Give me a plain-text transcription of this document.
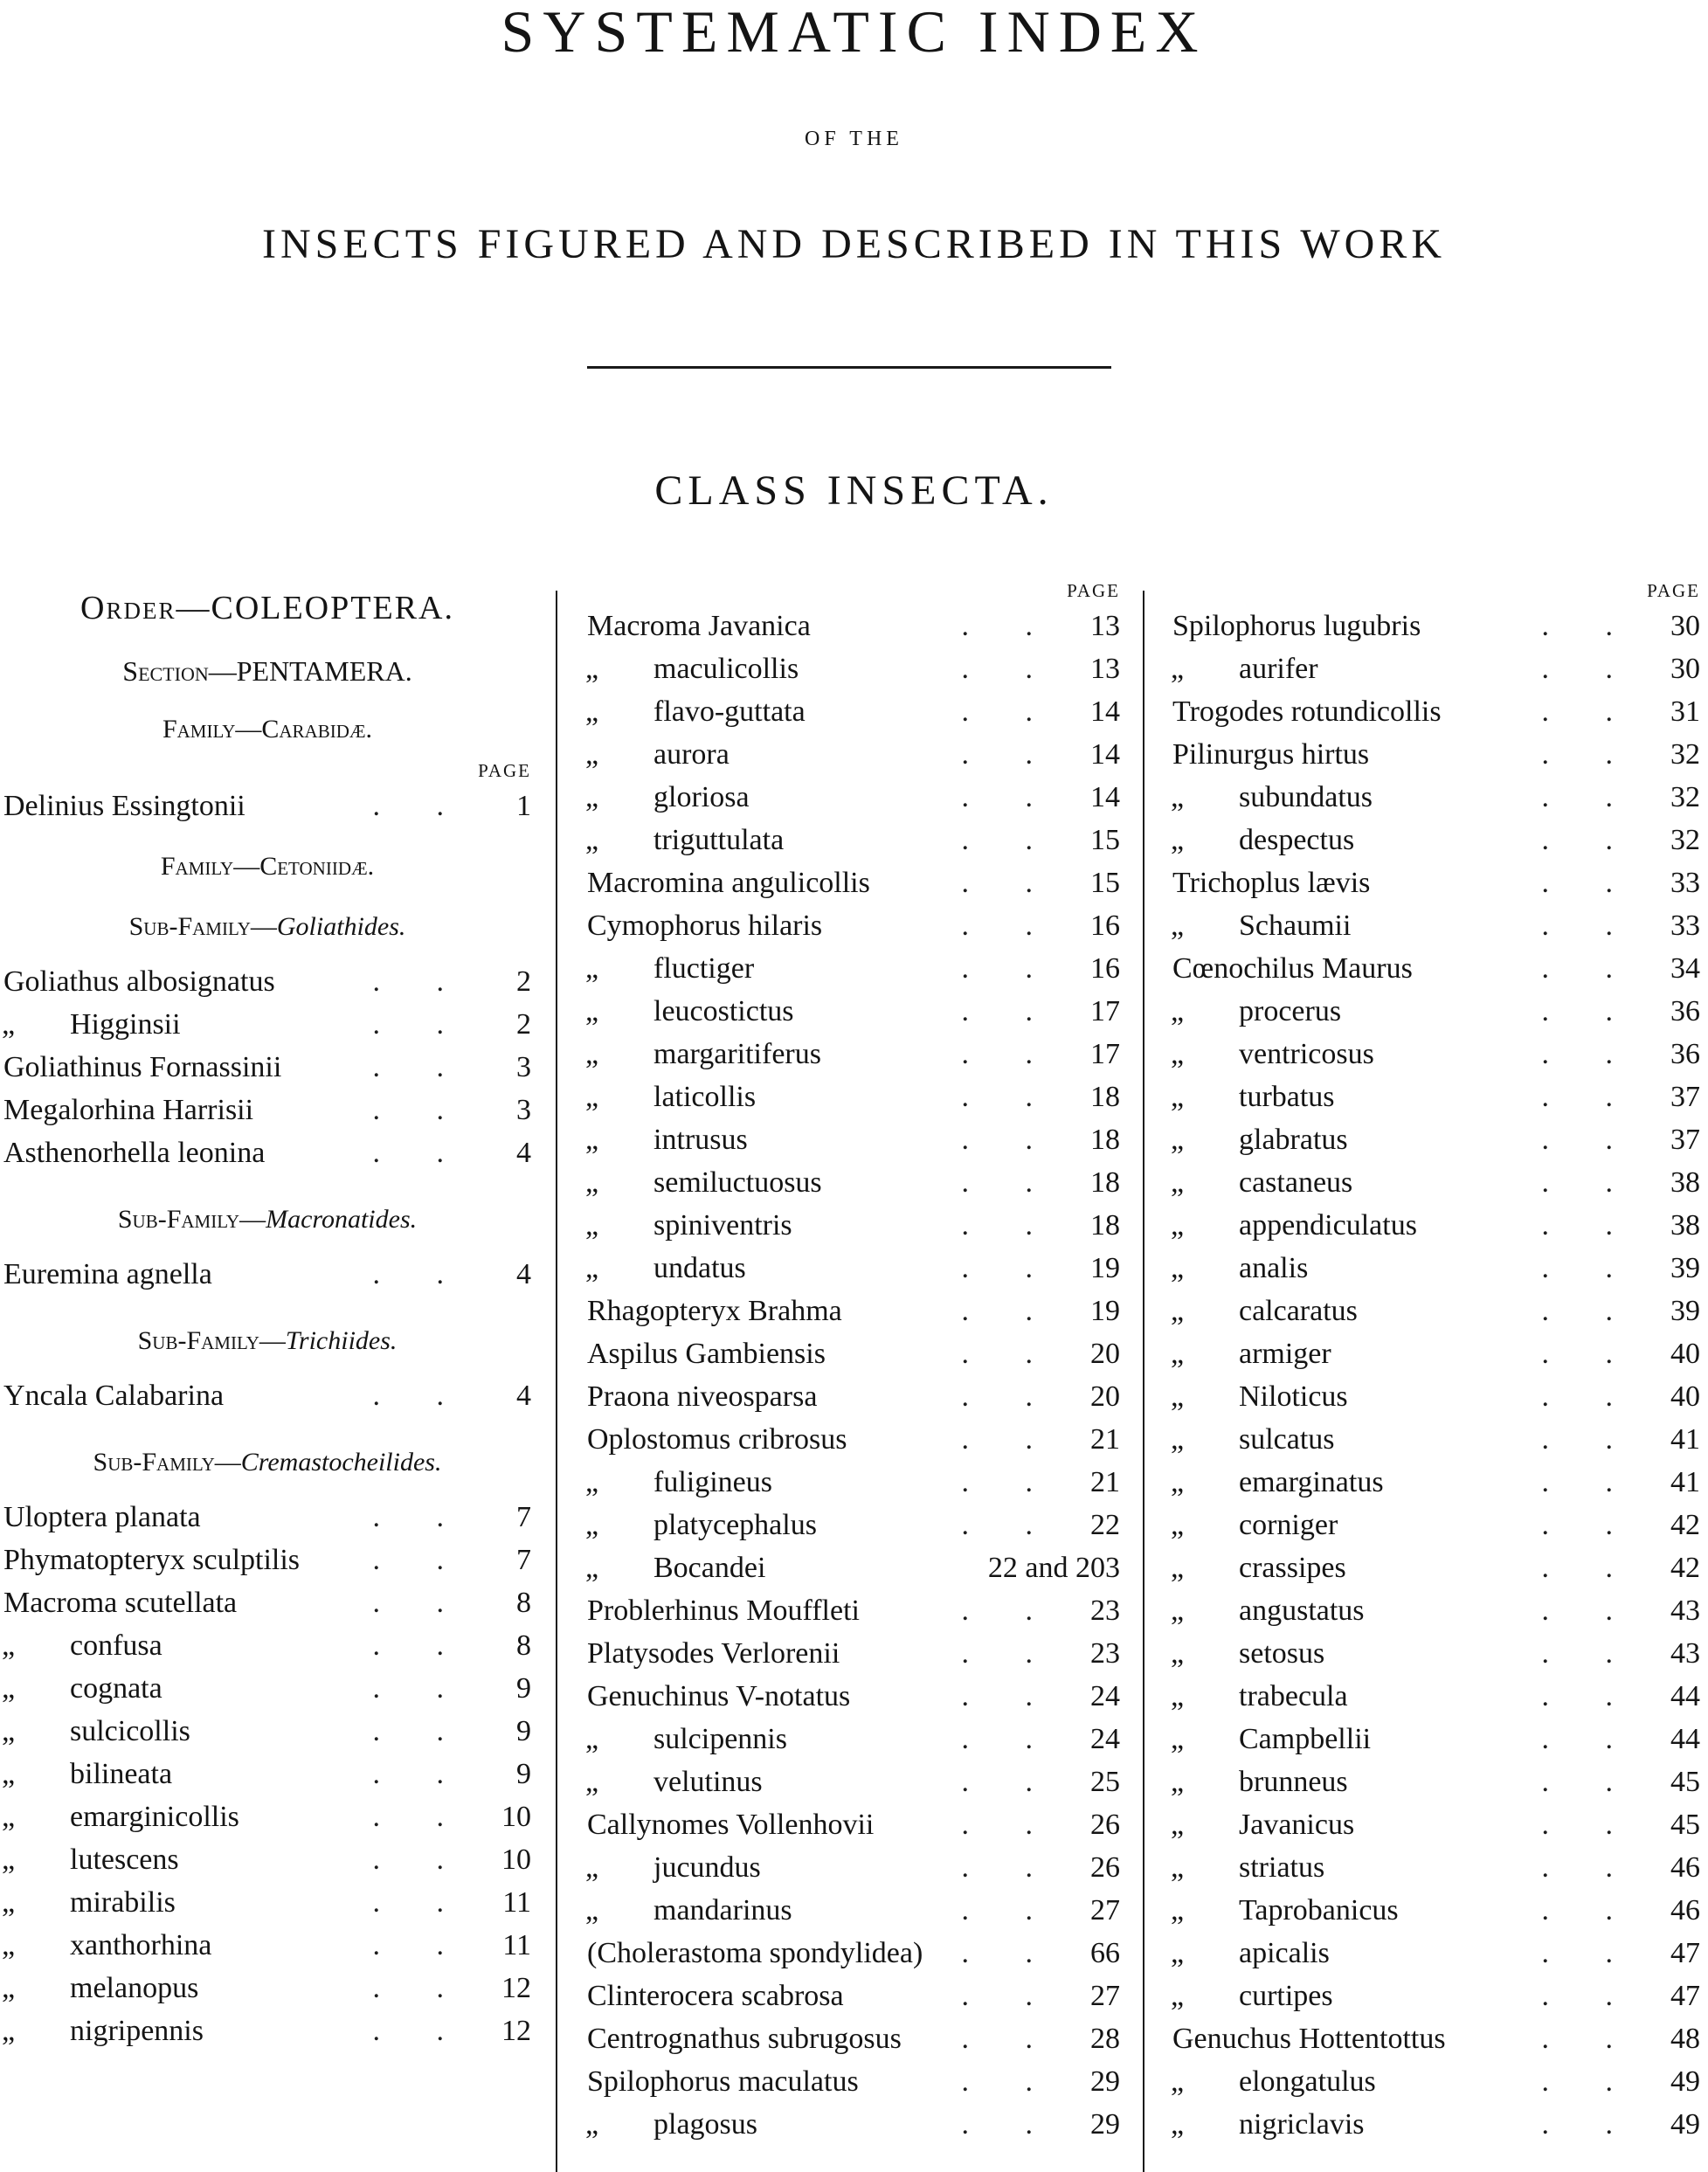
SYSTEMATIC INDEX
OF THE
INSECTS FIGURED AND DESCRIBED IN THIS WORK
CLASS INSECTA.
Order—COLEOPTERA.
Section—PENTAMERA.
Family—Carabidæ.
PAGE
Delinius Essingtonii	. . 1
Family—Cetoniidæ.
Sub-Family—Goliathides.
Goliathus albosignatus	. . 2
„ Higginsii	. . 2
Goliathinus Fornassinii	. . 3
Megalorhina Harrisii	. . 3
Asthenorhella leonina	. . 4
Sub-Family—Macronatides.
Euremina agnella	. . 4
Sub-Family—Trichiides.
Yncala Calabarina	. . 4
Sub-Family—Cremastocheilides.
Uloptera planata	. . 7
Phymatopteryx sculptilis . . 7
Macroma scutellata	. . 8
„ confusa	. . 8
„ cognata	. . 9
„ sulcicollis	. . 9
„ bilineata	. . 9
„ emarginicollis	. . 10
„ lutescens	. . 10
„ mirabilis	. . 11
„ xanthorhina	. . 11
„ melanopus	. . 12
„ nigripennis	. . 12
PAGE
Macroma Javanica	. . 13
„ maculicollis	. . 13
„ flavo-guttata	. . 14
„ aurora	. . 14
„ gloriosa	. . 14
„ triguttulata	. . 15
Macromina angulicollis	. . 15
Cymophorus hilaris	. . 16
„ fluctiger	. . 16
„ leucostictus	. . 17
„ margaritiferus	. . 17
„ laticollis	. . 18
„ intrusus	. . 18
„ semiluctuosus	. . 18
„ spiniventris	. . 18
„ undatus	. . 19
Rhagopteryx Brahma	. . 19
Aspilus Gambiensis	. . 20
Praona niveosparsa	. . 20
Oplostomus cribrosus	. . 21
„ fuligineus	. . 21
„ platycephalus	. . 22
„ Bocandei	22 and 203
Problerhinus Mouffleti	. . 23
Platysodes Verlorenii	. . 23
Genuchinus V-notatus	. . 24
„ sulcipennis	. . 24
„ velutinus	. . 25
Callynomes Vollenhovii	. . 26
„ jucundus	. . 26
„ mandarinus	. . 27
(Cholerastoma spondylidea) . . 66
Clinterocera scabrosa	. . 27
Centrognathus subrugosus . . 28
Spilophorus maculatus	. . 29
„ plagosus	. . 29
PAGE
Spilophorus lugubris	. . 30
„ aurifer	. . 30
Trogodes rotundicollis	. . 31
Pilinurgus hirtus	. . 32
„ subundatus	. . 32
„ despectus	. . 32
Trichoplus lævis	. . 33
„ Schaumii	. . 33
Cœnochilus Maurus	. . 34
„ procerus	. . 36
„ ventricosus	. . 36
„ turbatus	. . 37
„ glabratus	. . 37
„ castaneus	. . 38
„ appendiculatus	. . 38
„ analis	. . 39
„ calcaratus	. . 39
„ armiger	. . 40
„ Niloticus	. . 40
„ sulcatus	. . 41
„ emarginatus	. . 41
„ corniger	. . 42
„ crassipes	. . 42
„ angustatus	. . 43
„ setosus	. . 43
„ trabecula	. . 44
„ Campbellii	. . 44
„ brunneus	. . 45
„ Javanicus	. . 45
„ striatus	. . 46
„ Taprobanicus	. . 46
„ apicalis	. . 47
„ curtipes	. . 47
Genuchus Hottentottus	. . 48
„ elongatulus	. . 49
„ nigriclavis	. . 49
